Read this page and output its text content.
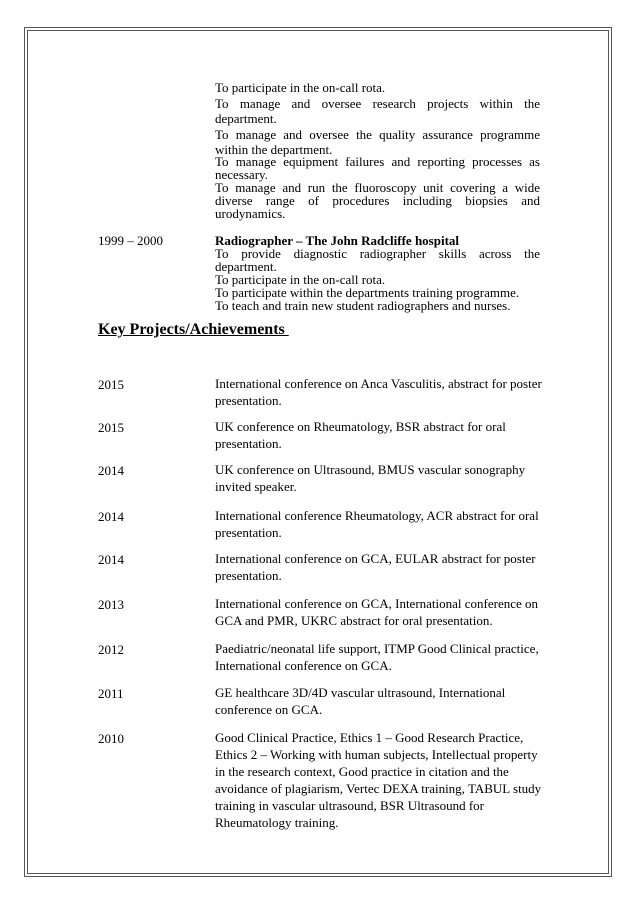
To participate in the on-call rota.
To manage and oversee research projects within the
department.
To manage and oversee the quality assurance programme
within the department.
To manage equipment failures and reporting processes as
necessary.
To manage and run the fluoroscopy unit covering a wide
diverse range of procedures including biopsies and
urodynamics.
1999 – 2000	Radiographer – The John Radcliffe hospital
To provide diagnostic radiographer skills across the
department.
To participate in the on-call rota.
To participate within the departments training programme.
To teach and train new student radiographers and nurses.
Key Projects/Achievements
2015	International conference on Anca Vasculitis, abstract for poster presentation.
2015	UK conference on Rheumatology, BSR abstract for oral presentation.
2014	UK conference on Ultrasound, BMUS vascular sonography invited speaker.
2014	International conference Rheumatology, ACR abstract for oral presentation.
2014	International conference on GCA, EULAR abstract for poster presentation.
2013	International conference on GCA, International conference on GCA and PMR, UKRC abstract for oral presentation.
2012	Paediatric/neonatal life support, ITMP Good Clinical practice, International conference on GCA.
2011	GE healthcare 3D/4D vascular ultrasound, International conference on GCA.
2010	Good Clinical Practice, Ethics 1 – Good Research Practice, Ethics 2 – Working with human subjects, Intellectual property in the research context, Good practice in citation and the avoidance of plagiarism, Vertec DEXA training, TABUL study training in vascular ultrasound, BSR Ultrasound for Rheumatology training.
